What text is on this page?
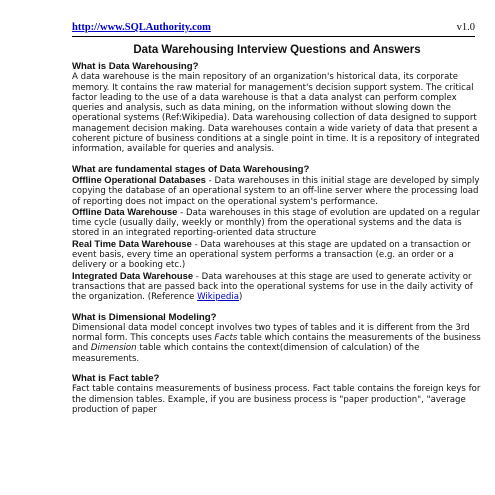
http://www.SQLAuthority.com	v1.0
Data Warehousing Interview Questions and Answers

What is Data Warehousing?

A data warehouse is the main repository of an organization's historical data, its corporate memory. It contains the raw material for management's decision support system. The critical factor leading to the use of a data warehouse is that a data analyst can perform complex queries and analysis, such as data mining, on the information without slowing down the operational systems (Ref:Wikipedia). Data warehousing collection of data designed to support management decision making. Data warehouses contain a wide variety of data that present a coherent picture of business conditions at a single point in time. It is a repository of integrated information, available for queries and analysis.

What are fundamental stages of Data Warehousing?

Offline Operational Databases - Data warehouses in this initial stage are developed by simply copying the database of an operational system to an off-line server where the processing load of reporting does not impact on the operational system's performance.

Offline Data Warehouse - Data warehouses in this stage of evolution are updated on a regular time cycle (usually daily, weekly or monthly) from the operational systems and the data is stored in an integrated reporting-oriented data structure

Real Time Data Warehouse - Data warehouses at this stage are updated on a transaction or event basis, every time an operational system performs a transaction (e.g. an order or a delivery or a booking etc.)

Integrated Data Warehouse - Data warehouses at this stage are used to generate activity or transactions that are passed back into the operational systems for use in the daily activity of the organization. (Reference Wikipedia)

What is Dimensional Modeling?

Dimensional data model concept involves two types of tables and it is different from the 3rd normal form. This concepts uses Facts table which contains the measurements of the business and Dimension table which contains the context(dimension of calculation) of the measurements.

What is Fact table?

Fact table contains measurements of business process. Fact table contains the foreign keys for the dimension tables. Example, if you are business process is "paper production", "average production of paper
